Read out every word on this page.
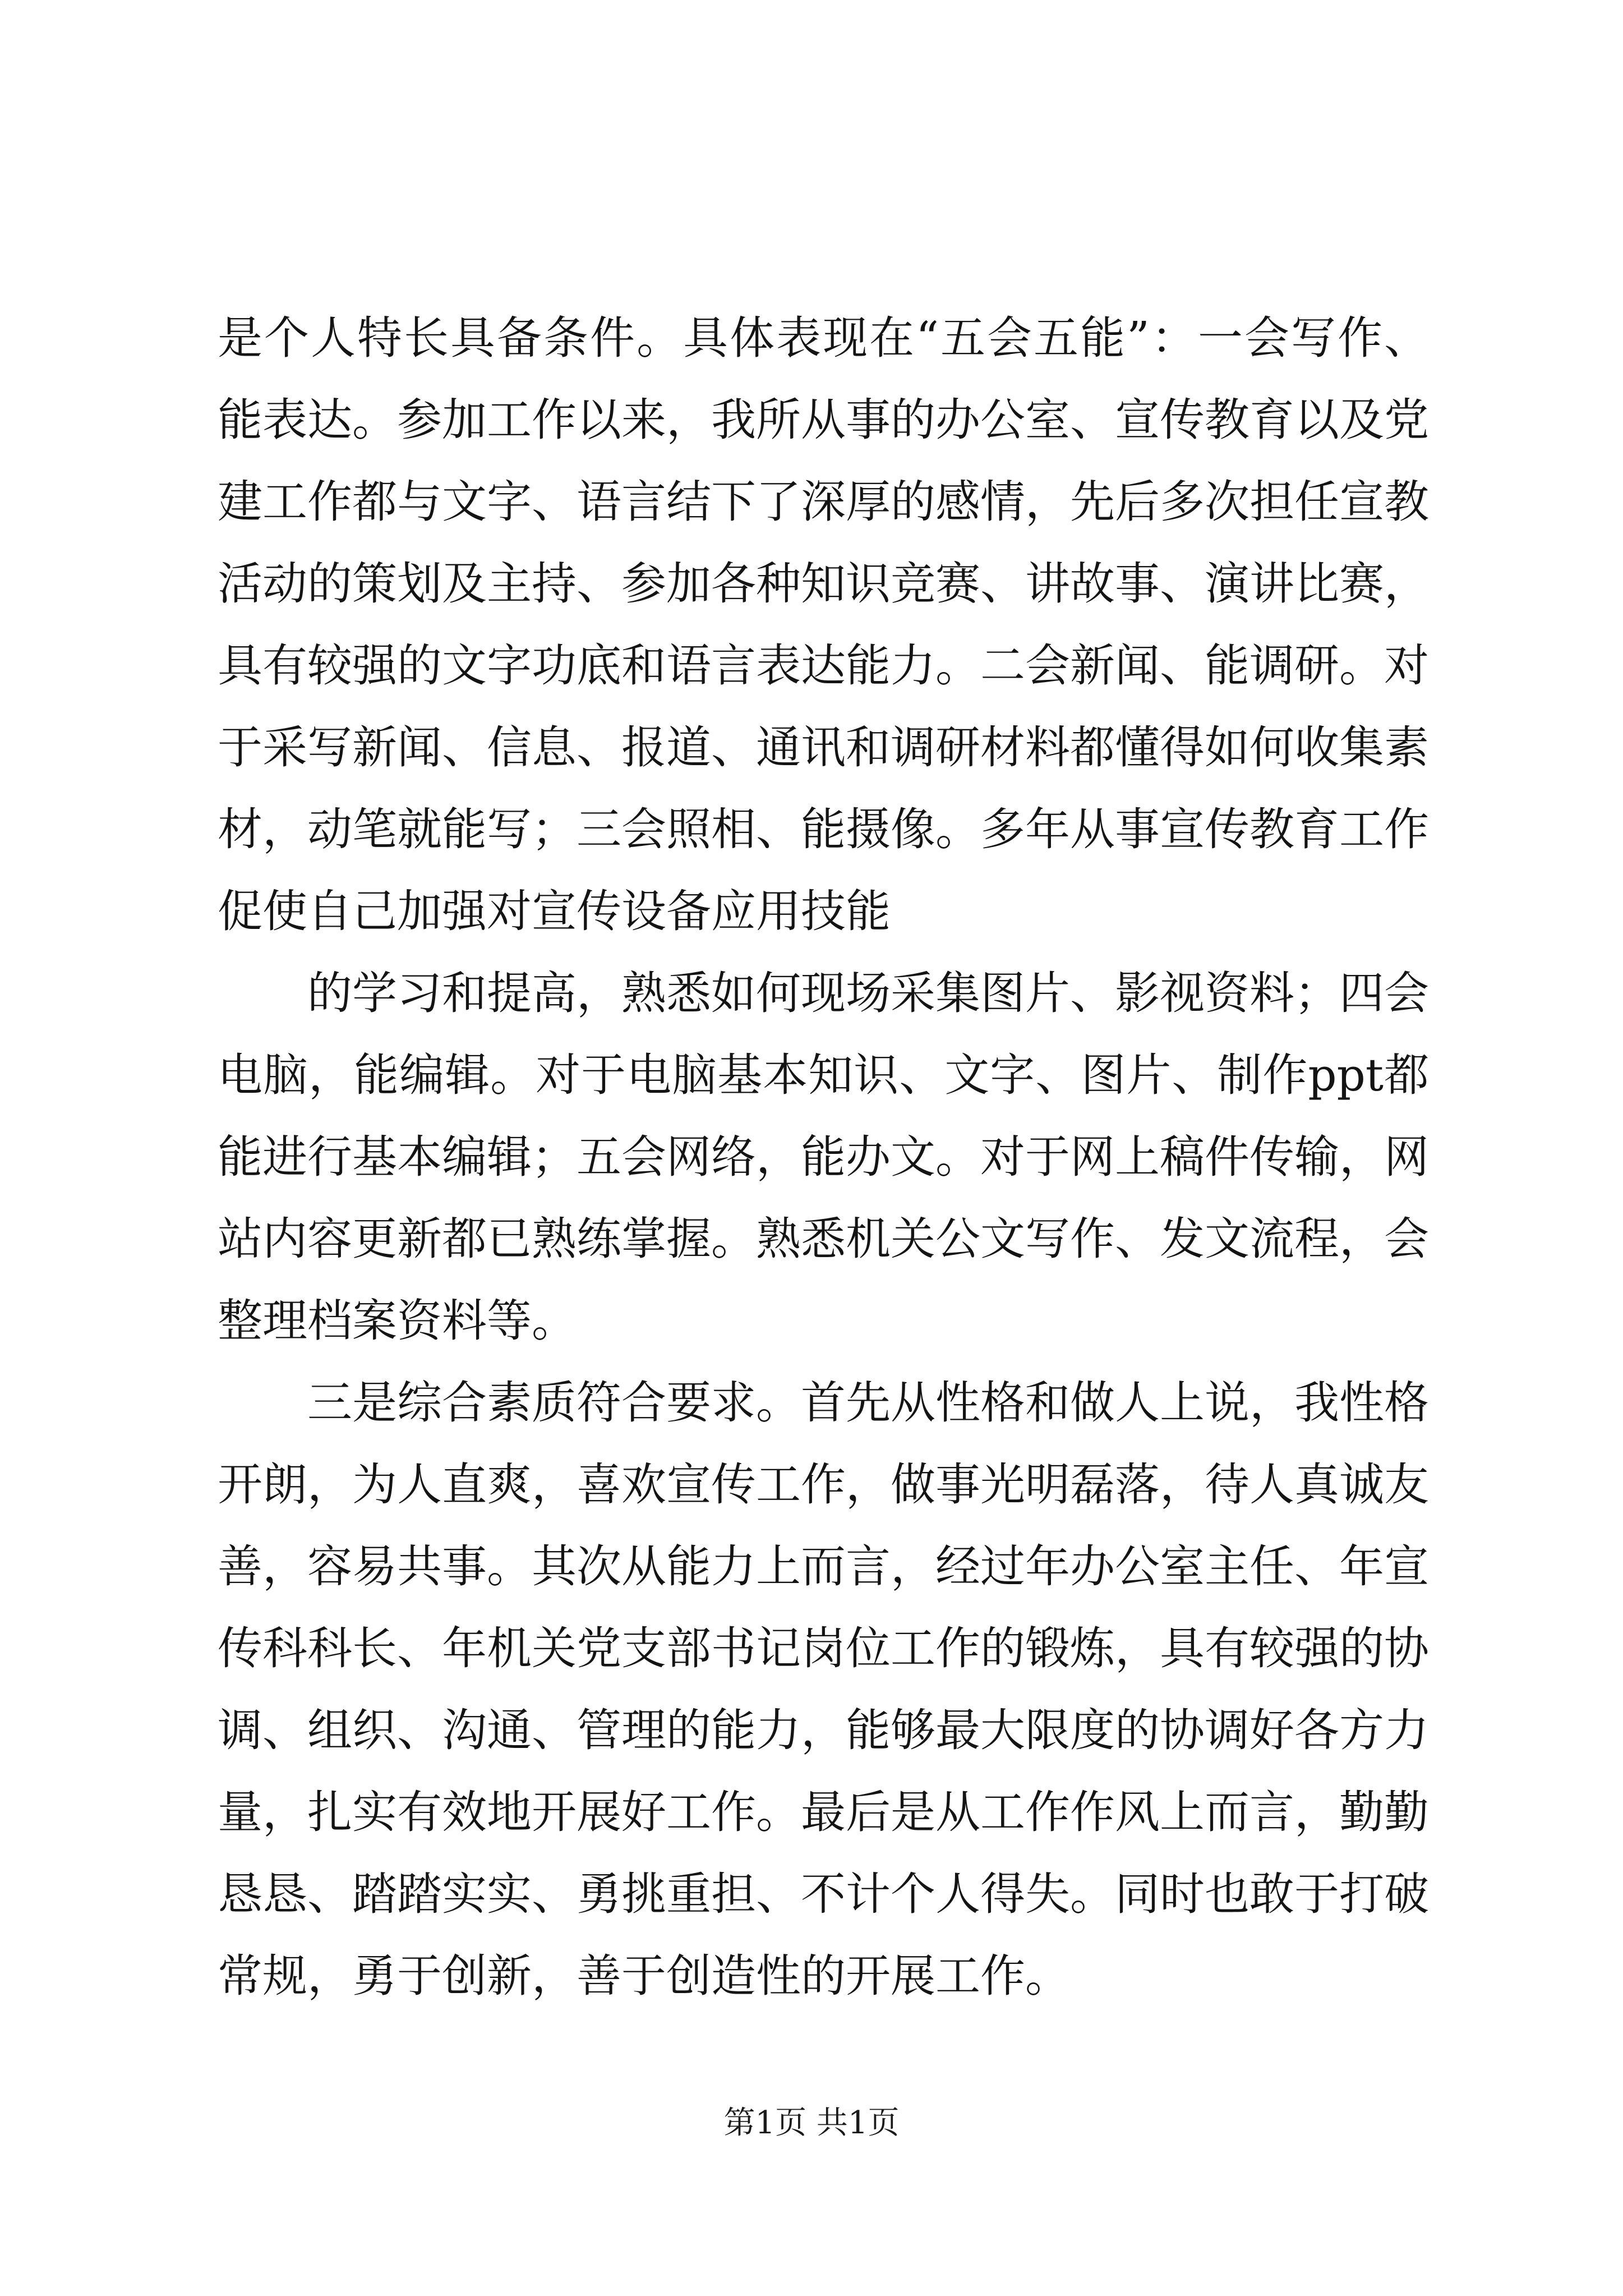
是个人特长具备条件。具体表现在“五会五能”：一会写作、能表达。参加工作以来，我所从事的办公室、宣传教育以及党建工作都与文字、语言结下了深厚的感情，先后多次担任宣教活动的策划及主持、参加各种知识竞赛、讲故事、演讲比赛，具有较强的文字功底和语言表达能力。二会新闻、能调研。对于采写新闻、信息、报道、通讯和调研材料都懂得如何收集素材，动笔就能写；三会照相、能摄像。多年从事宣传教育工作促使自己加强对宣传设备应用技能

的学习和提高，熟悉如何现场采集图片、影视资料；四会电脑，能编辑。对于电脑基本知识、文字、图片、制作ppt都能进行基本编辑；五会网络，能办文。对于网上稿件传输，网站内容更新都已熟练掌握。熟悉机关公文写作、发文流程，会整理档案资料等。

三是综合素质符合要求。首先从性格和做人上说，我性格开朗，为人直爽，喜欢宣传工作，做事光明磊落，待人真诚友善，容易共事。其次从能力上而言，经过年办公室主任、年宣传科科长、年机关党支部书记岗位工作的锻炼，具有较强的协调、组织、沟通、管理的能力，能够最大限度的协调好各方力量，扎实有效地开展好工作。最后是从工作作风上而言，勤勤恳恳、踏踏实实、勇挑重担、不计个人得失。同时也敢于打破常规，勇于创新，善于创造性的开展工作。

第1页 共1页
